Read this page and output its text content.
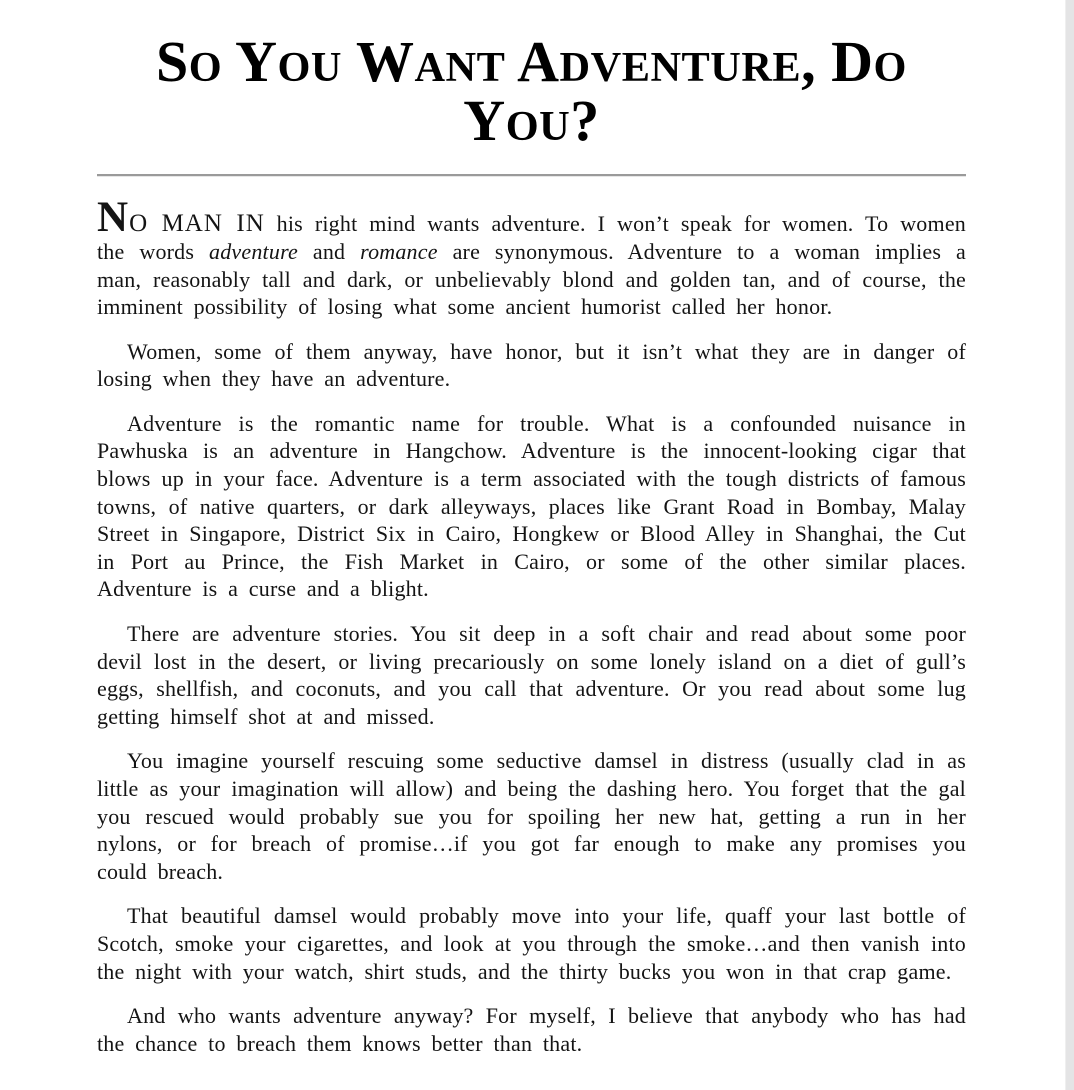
SO YOU WANT ADVENTURE, DO YOU?

NO MAN IN his right mind wants adventure. I won’t speak for women. To women the words adventure and romance are synonymous. Adventure to a woman implies a man, reasonably tall and dark, or unbelievably blond and golden tan, and of course, the imminent possibility of losing what some ancient humorist called her honor.

Women, some of them anyway, have honor, but it isn’t what they are in danger of losing when they have an adventure.

Adventure is the romantic name for trouble. What is a confounded nuisance in Pawhuska is an adventure in Hangchow. Adventure is the innocent-looking cigar that blows up in your face. Adventure is a term associated with the tough districts of famous towns, of native quarters, or dark alleyways, places like Grant Road in Bombay, Malay Street in Singapore, District Six in Cairo, Hongkew or Blood Alley in Shanghai, the Cut in Port au Prince, the Fish Market in Cairo, or some of the other similar places. Adventure is a curse and a blight.

There are adventure stories. You sit deep in a soft chair and read about some poor devil lost in the desert, or living precariously on some lonely island on a diet of gull’s eggs, shellfish, and coconuts, and you call that adventure. Or you read about some lug getting himself shot at and missed.

You imagine yourself rescuing some seductive damsel in distress (usually clad in as little as your imagination will allow) and being the dashing hero. You forget that the gal you rescued would probably sue you for spoiling her new hat, getting a run in her nylons, or for breach of promise…if you got far enough to make any promises you could breach.

That beautiful damsel would probably move into your life, quaff your last bottle of Scotch, smoke your cigarettes, and look at you through the smoke…and then vanish into the night with your watch, shirt studs, and the thirty bucks you won in that crap game.

And who wants adventure anyway? For myself, I believe that anybody who has had the chance to breach them knows better than that.
